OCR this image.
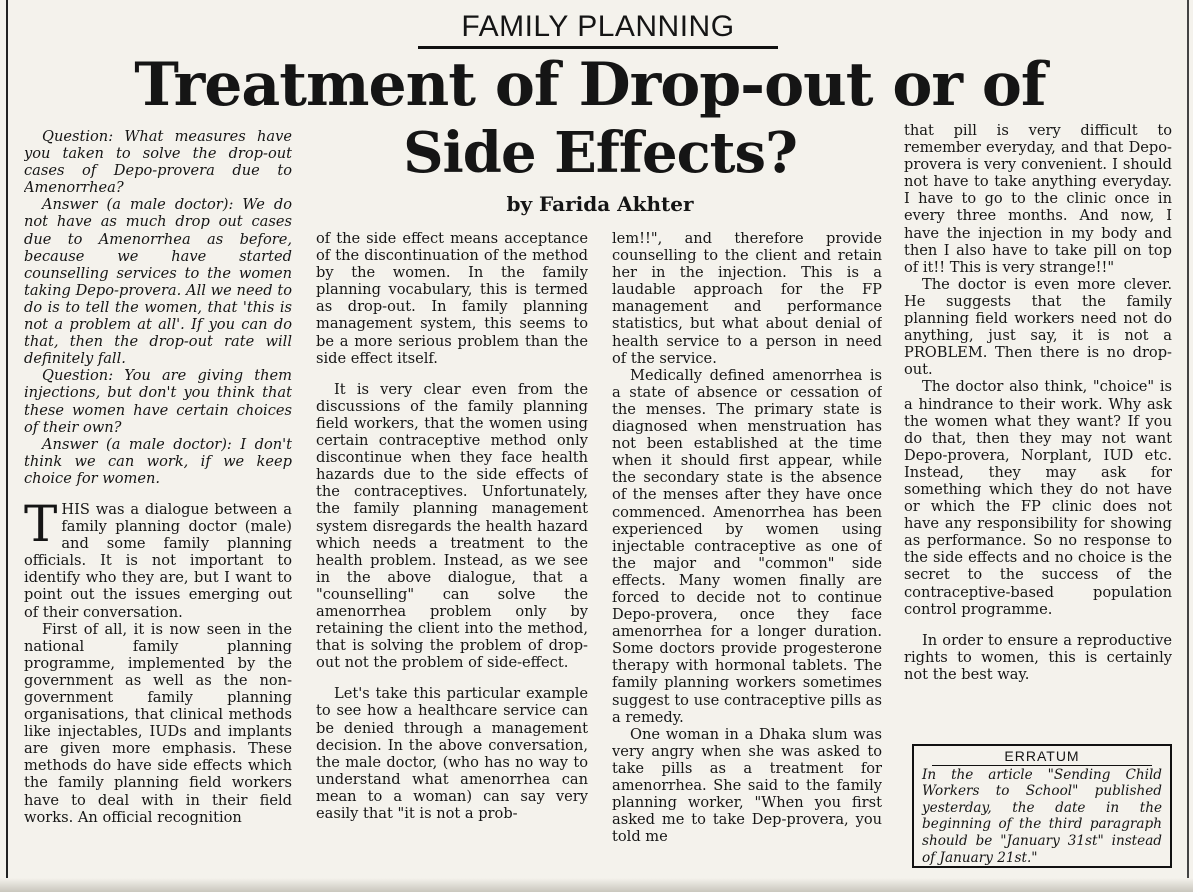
FAMILY PLANNING
Treatment of Drop-out or of
Side Effects?
by Farida Akhter

Question: What measures have you taken to solve the drop-out cases of Depo-provera due to Amenorrhea?

Answer (a male doctor): We do not have as much drop out cases due to Amenorrhea as before, because we have started counselling services to the women taking Depo-provera. All we need to do is to tell the women, that 'this is not a problem at all'. If you can do that, then the drop-out rate will definitely fall.

Question: You are giving them injections, but don't you think that these women have certain choices of their own?

Answer (a male doctor): I don't think we can work, if we keep choice for women.

THIS was a dialogue between a family planning doctor (male) and some family planning officials. It is not important to identify who they are, but I want to point out the issues emerging out of their conversation.

First of all, it is now seen in the national family planning programme, implemented by the government as well as the non-government family planning organisations, that clinical methods like injectables, IUDs and implants are given more emphasis. These methods do have side effects which the family planning field workers have to deal with in their field works. An official recognition

of the side effect means acceptance of the discontinuation of the method by the women. In the family planning vocabulary, this is termed as drop-out. In family planning management system, this seems to be a more serious problem than the side effect itself.

It is very clear even from the discussions of the family planning field workers, that the women using certain contraceptive method only discontinue when they face health hazards due to the side effects of the contraceptives. Unfortunately, the family planning management system disregards the health hazard which needs a treatment to the health problem. Instead, as we see in the above dialogue, that a "counselling" can solve the amenorrhea problem only by retaining the client into the method, that is solving the problem of drop-out not the problem of side-effect.

Let's take this particular example to see how a healthcare service can be denied through a management decision. In the above conversation, the male doctor, (who has no way to understand what amenorrhea can mean to a woman) can say very easily that "it is not a prob-

lem!!", and therefore provide counselling to the client and retain her in the injection. This is a laudable approach for the FP management and performance statistics, but what about denial of health service to a person in need of the service.

Medically defined amenorrhea is a state of absence or cessation of the menses. The primary state is diagnosed when menstruation has not been established at the time when it should first appear, while the secondary state is the absence of the menses after they have once commenced. Amenorrhea has been experienced by women using injectable contraceptive as one of the major and "common" side effects. Many women finally are forced to decide not to continue Depo-provera, once they face amenorrhea for a longer duration. Some doctors provide progesterone therapy with hormonal tablets. The family planning workers sometimes suggest to use contraceptive pills as a remedy.

One woman in a Dhaka slum was very angry when she was asked to take pills as a treatment for amenorrhea. She said to the family planning worker, "When you first asked me to take Dep-provera, you told me

that pill is very difficult to remember everyday, and that Depo-provera is very convenient. I should not have to take anything everyday. I have to go to the clinic once in every three months. And now, I have the injection in my body and then I also have to take pill on top of it!! This is very strange!!"

The doctor is even more clever. He suggests that the family planning field workers need not do anything, just say, it is not a PROBLEM. Then there is no drop-out.

The doctor also think, "choice" is a hindrance to their work. Why ask the women what they want? If you do that, then they may not want Depo-provera, Norplant, IUD etc. Instead, they may ask for something which they do not have or which the FP clinic does not have any responsibility for showing as performance. So no response to the side effects and no choice is the secret to the success of the contraceptive-based population control programme.

In order to ensure a reproductive rights to women, this is certainly not the best way.

ERRATUM
In the article "Sending Child Workers to School" published yesterday, the date in the beginning of the third paragraph should be "January 31st" instead of January 21st."
